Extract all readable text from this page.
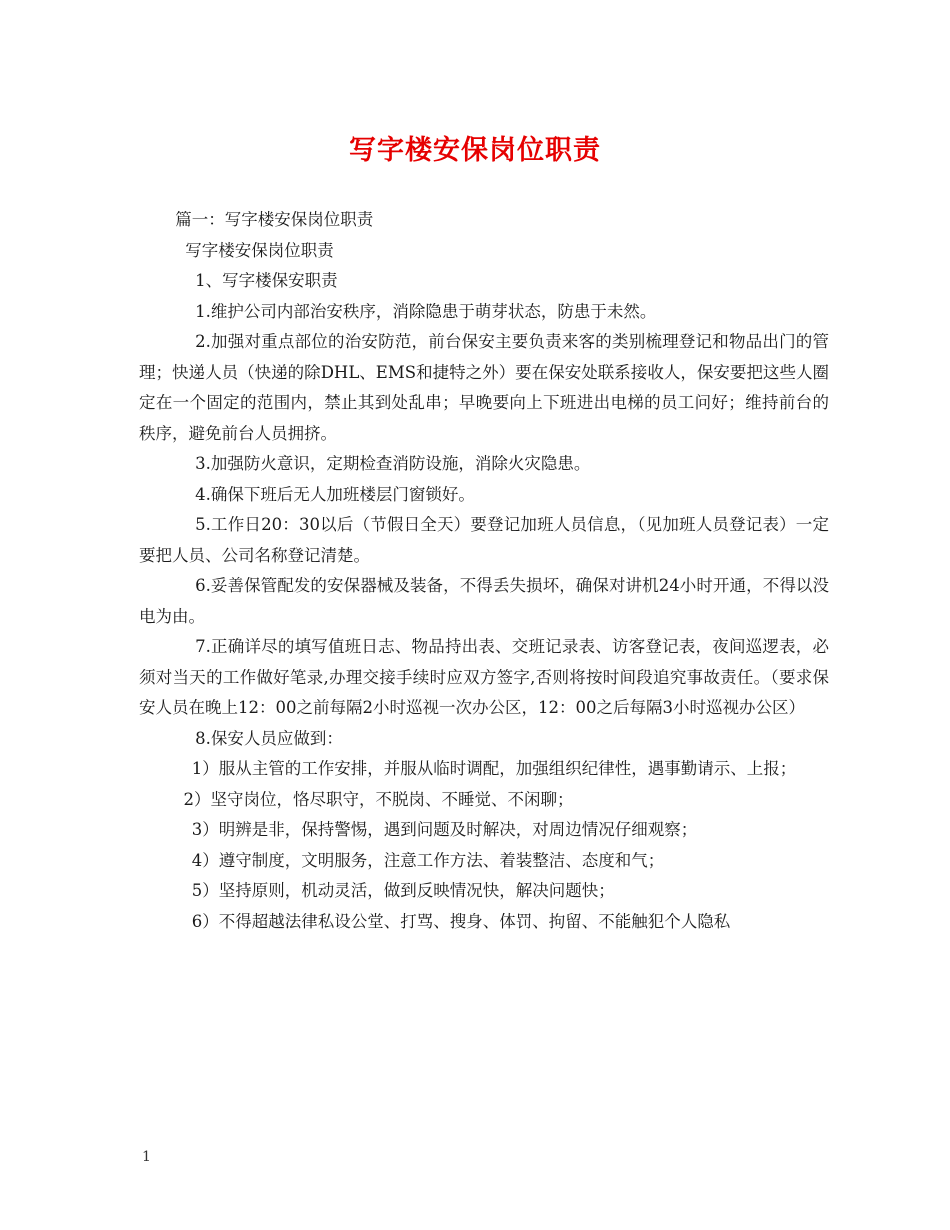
写字楼安保岗位职责

篇一：写字楼安保岗位职责

写字楼安保岗位职责

1、写字楼保安职责

1.维护公司内部治安秩序，消除隐患于萌芽状态，防患于未然。

2.加强对重点部位的治安防范，前台保安主要负责来客的类别梳理登记和物品出门的管理；快递人员（快递的除DHL、EMS和捷特之外）要在保安处联系接收人，保安要把这些人圈定在一个固定的范围内，禁止其到处乱串；早晚要向上下班进出电梯的员工问好；维持前台的秩序，避免前台人员拥挤。

3.加强防火意识，定期检查消防设施，消除火灾隐患。

4.确保下班后无人加班楼层门窗锁好。

5.工作日20：30以后（节假日全天）要登记加班人员信息，（见加班人员登记表）一定要把人员、公司名称登记清楚。

6.妥善保管配发的安保器械及装备，不得丢失损坏，确保对讲机24小时开通，不得以没电为由。

7.正确详尽的填写值班日志、物品持出表、交班记录表、访客登记表，夜间巡逻表，必须对当天的工作做好笔录,办理交接手续时应双方签字,否则将按时间段追究事故责任。（要求保安人员在晚上12：00之前每隔2小时巡视一次办公区，12：00之后每隔3小时巡视办公区）

8.保安人员应做到：

1）服从主管的工作安排，并服从临时调配，加强组织纪律性，遇事勤请示、上报；

2）坚守岗位，恪尽职守，不脱岗、不睡觉、不闲聊；

3）明辨是非，保持警惕，遇到问题及时解决，对周边情况仔细观察；

4）遵守制度，文明服务，注意工作方法、着装整洁、态度和气；

5）坚持原则，机动灵活，做到反映情况快，解决问题快；

6）不得超越法律私设公堂、打骂、搜身、体罚、拘留、不能触犯个人隐私

1
